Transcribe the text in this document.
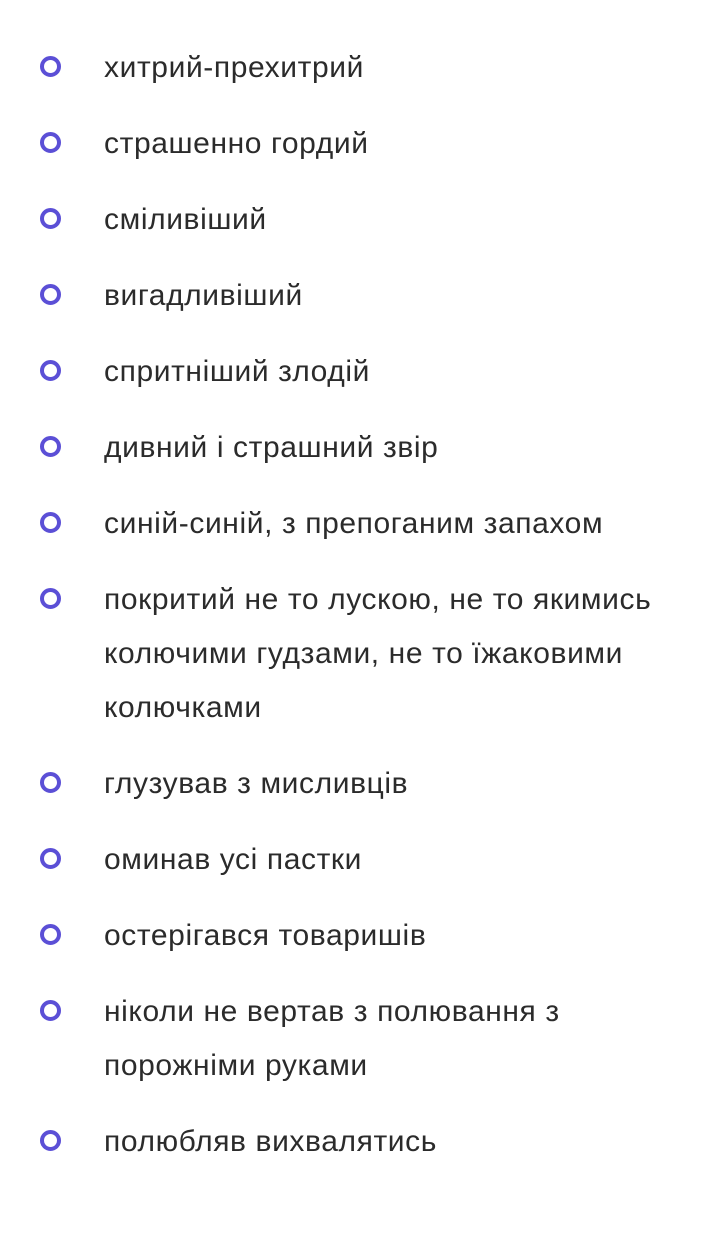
хитрий-прехитрий
страшенно гордий
сміливіший
вигадливіший
спритніший злодій
дивний і страшний звір
синій-синій, з препоганим запахом
покритий не то лускою, не то якимись колючими гудзами, не то їжаковими колючками
глузував з мисливців
оминав усі пастки
остерігався товаришів
ніколи не вертав з полювання з порожніми руками
полюбляв вихвалятись
